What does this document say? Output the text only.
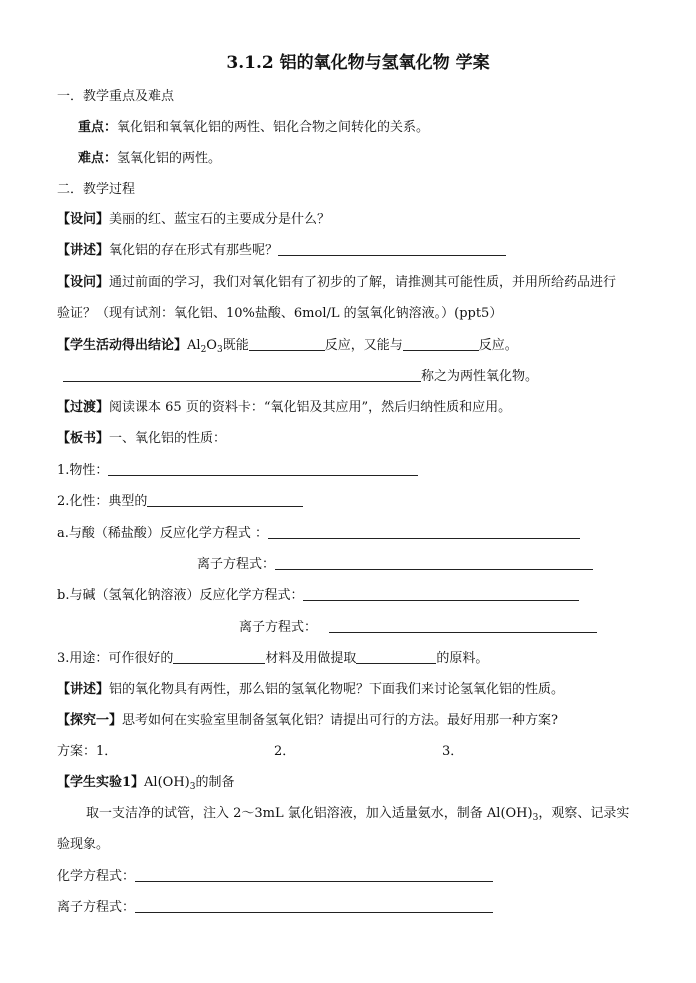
3.1.2 铝的氧化物与氢氧化物 学案
一．教学重点及难点
重点：氧化铝和氧氧化铝的两性、铝化合物之间转化的关系。
难点：氢氧化铝的两性。
二．教学过程
【设问】美丽的红、蓝宝石的主要成分是什么？
【讲述】氧化铝的存在形式有那些呢？
【设问】通过前面的学习，我们对氧化铝有了初步的了解，请推测其可能性质，并用所给药品进行
验证？（现有试剂：氧化铝、10%盐酸、6mol/L 的氢氧化钠溶液。）(ppt5）
【学生活动得出结论】$Al_2O_3$既能	反应，又能与	反应。
称之为两性氧化物。
【过渡】阅读课本 65 页的资料卡：“氧化铝及其应用”，然后归纳性质和应用。
【板书】一、氧化铝的性质：
1.物性：
2.化性：典型的
a.与酸（稀盐酸）反应化学方程式 ：
离子方程式：
b.与碱（氢氧化钠溶液）反应化学方程式：
离子方程式：
3.用途：可作很好的	材料及用做提取	的原料。
【讲述】铝的氧化物具有两性，那么铝的氢氧化物呢？下面我们来讨论氢氧化铝的性质。
【探究一】思考如何在实验室里制备氢氧化铝？请提出可行的方法。最好用那一种方案?
方案：1．	2．	3．
【学生实验1】$Al(OH)_3$的制备
取一支洁净的试管，注入 2～3mL 氯化铝溶液，加入适量氨水，制备 $Al(OH)_3$，观察、记录实
验现象。
化学方程式：
离子方程式：
